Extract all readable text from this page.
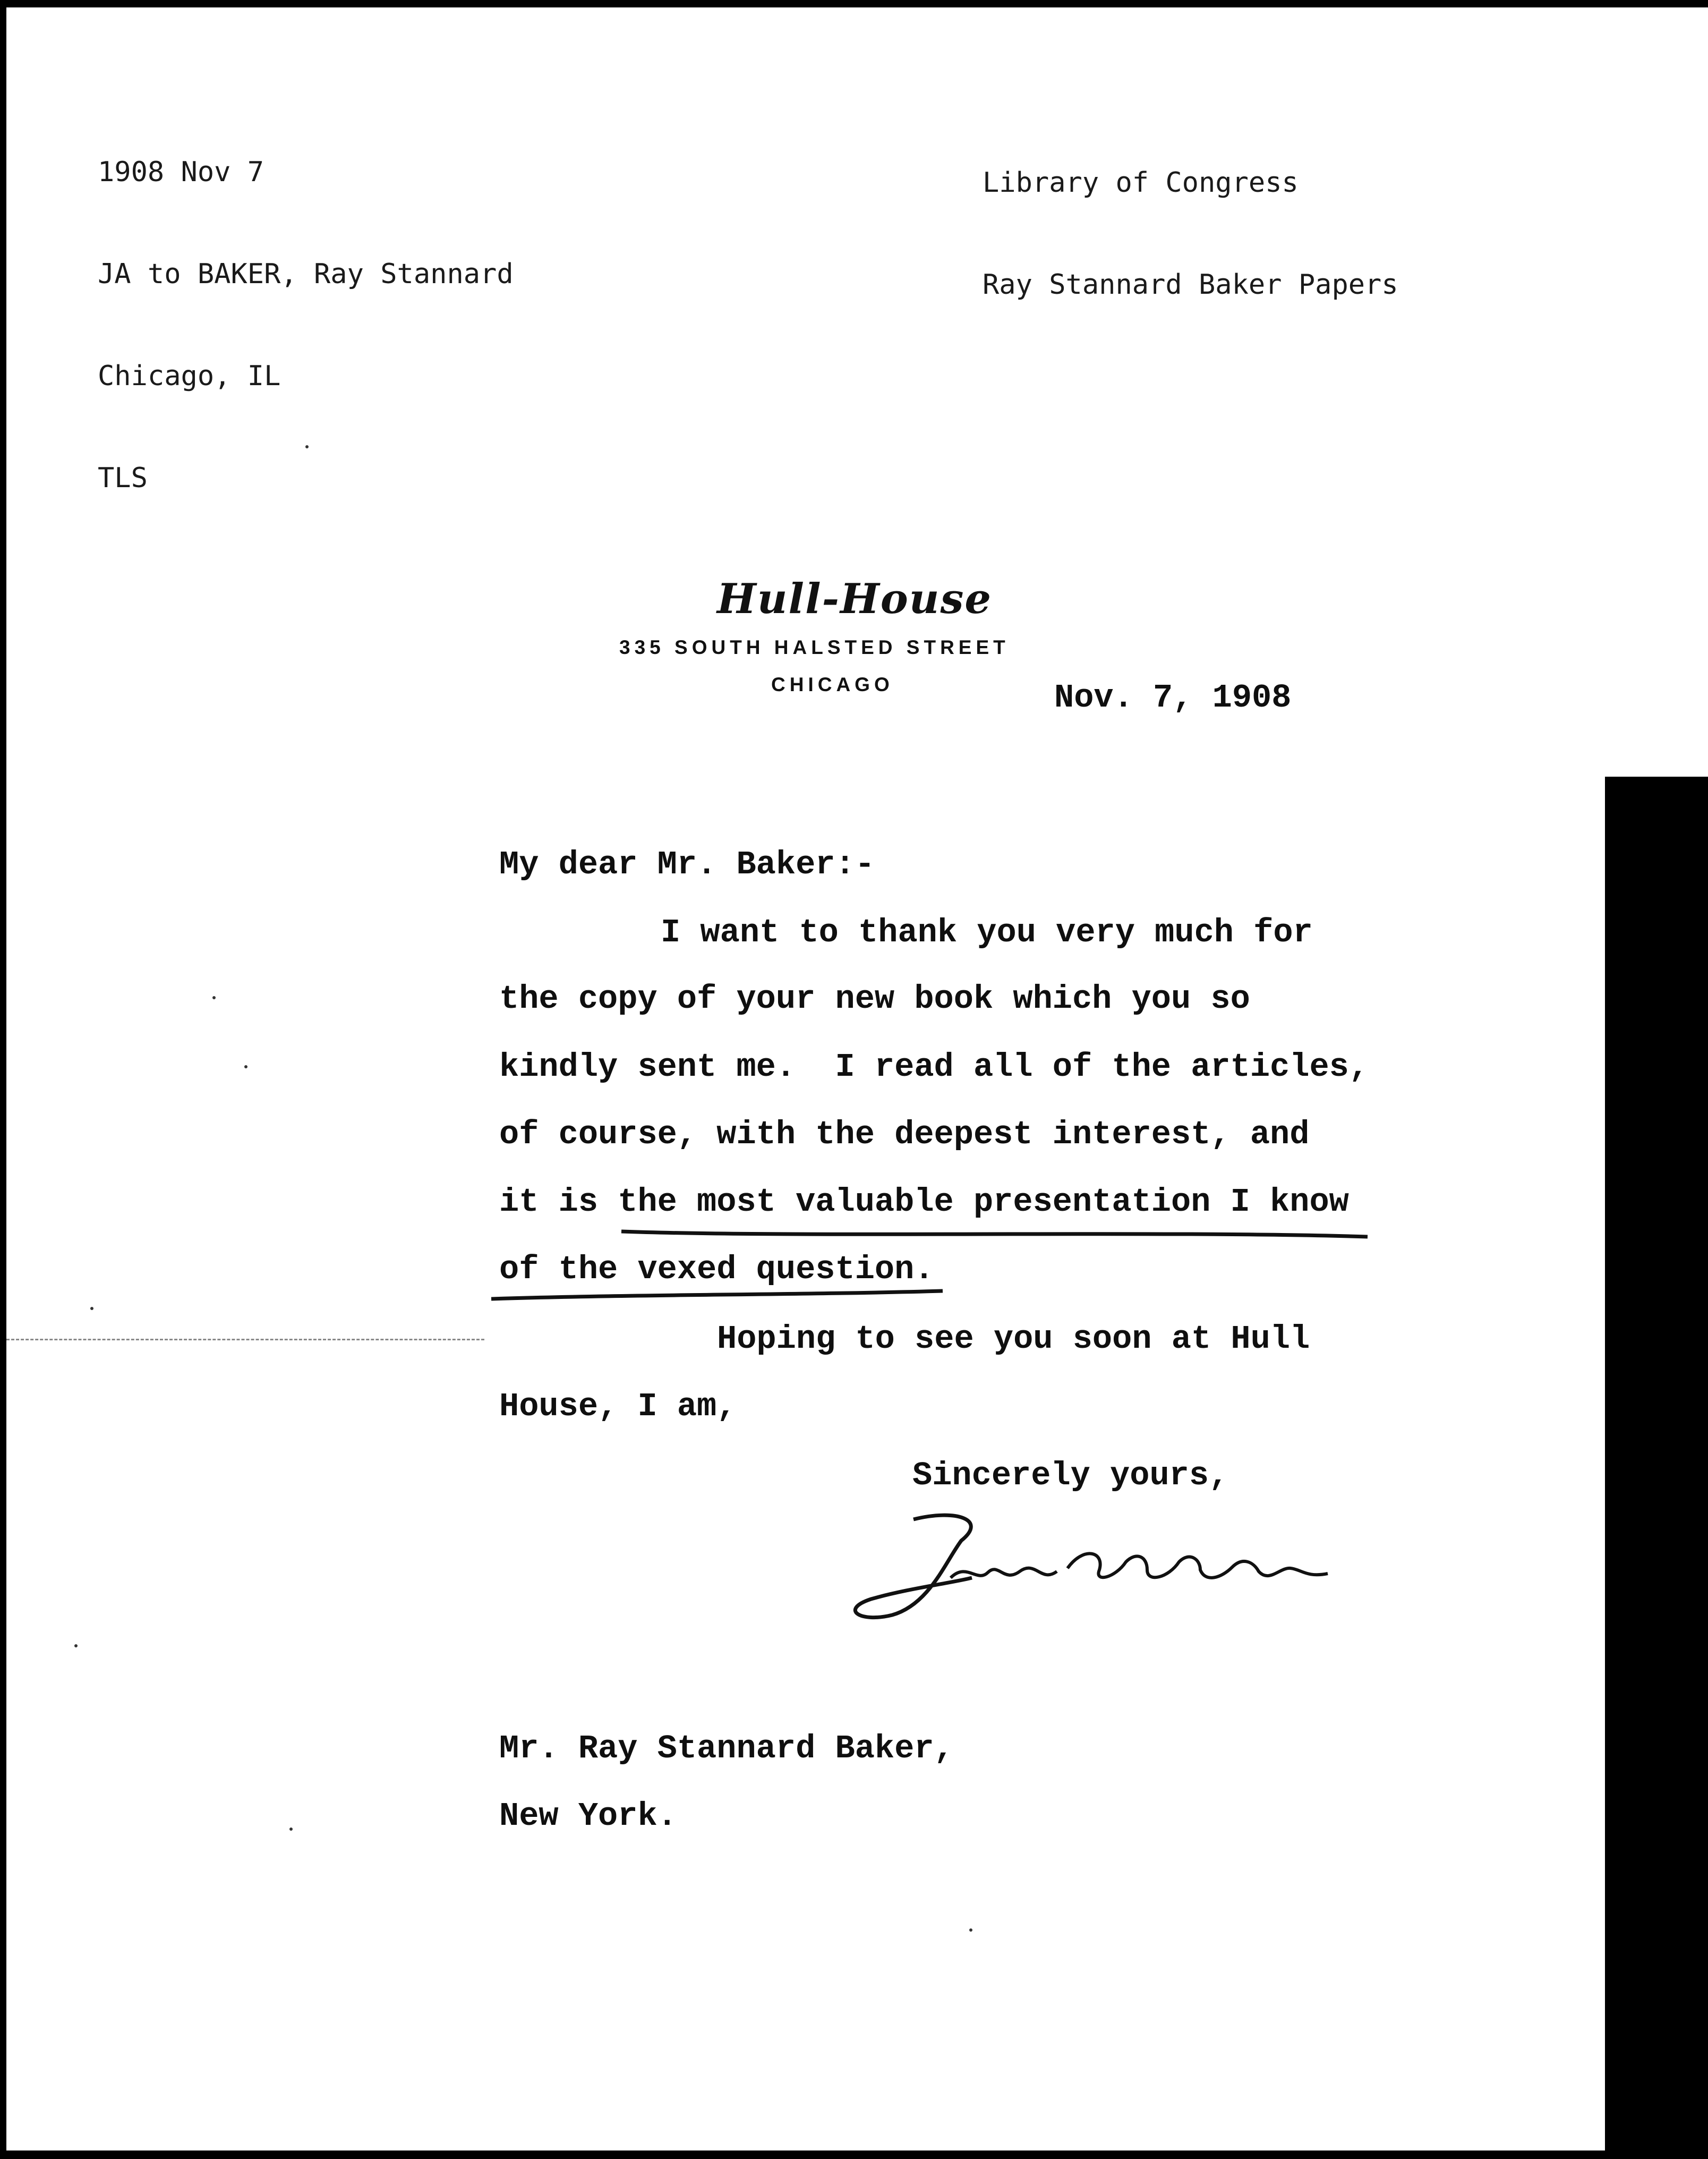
1908 Nov 7

JA to BAKER, Ray Stannard

Chicago, IL

TLS

Library of Congress

Ray Stannard Baker Papers

Hull-House
335 SOUTH HALSTED STREET
CHICAGO	Nov. 7, 1908
My dear Mr. Baker:-
I want to thank you very much for
the copy of your new book which you so
kindly sent me.  I read all of the articles,
of course, with the deepest interest, and
it is the most valuable presentation I know
of the vexed question.
Hoping to see you soon at Hull
House, I am,
Sincerely yours,
Mr. Ray Stannard Baker,
New York.
